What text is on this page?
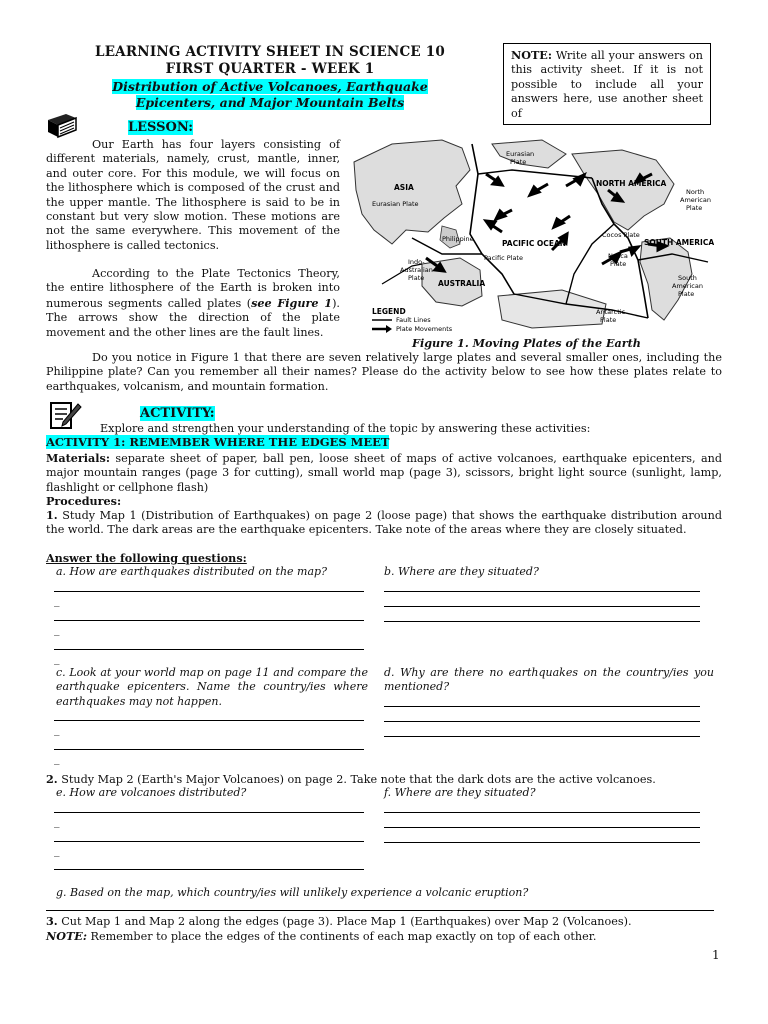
LEARNING ACTIVITY SHEET IN SCIENCE 10
FIRST QUARTER - WEEK 1
Distribution of Active Volcanoes, Earthquake
Epicenters, and Major Mountain Belts
NOTE: Write all your answers on this activity sheet. If it is not possible to include all your answers here, use another sheet of
LESSON:
Our Earth has four layers consisting of different materials, namely, crust, mantle, inner, and outer core. For this module, we will focus on the lithosphere which is composed of the crust and the upper mantle. The lithosphere is said to be in constant but very slow motion. These motions are not the same everywhere. This movement of the lithosphere is called tectonics.
According to the Plate Tectonics Theory, the entire lithosphere of the Earth is broken into numerous segments called plates (see Figure 1). The arrows show the direction of the plate movement and the other lines are the fault lines.
ASIA
Eurasian Plate
Eurasian
Plate
NORTH AMERICA
North
American
Plate
Philippine	PACIFIC OCEAN
Cocos Plate
SOUTH AMERICA
Indo-
Australian
Plate
AUSTRALIA
Pacific Plate	Nazca
Plate
South
American
Plate
Antarctic
Plate
LEGEND
Fault Lines
Plate Movements
Figure 1. Moving Plates of the Earth
Do you notice in Figure 1 that there are seven relatively large plates and several smaller ones, including the Philippine plate? Can you remember all their names? Please do the activity below to see how these plates relate to earthquakes, volcanism, and mountain formation.
ACTIVITY:
Explore and strengthen your understanding of the topic by answering these activities:
ACTIVITY 1: REMEMBER WHERE THE EDGES MEET
Materials: separate sheet of paper, ball pen, loose sheet of maps of active volcanoes, earthquake epicenters, and major mountain ranges (page 3 for cutting), small world map (page 3), scissors, bright light source (sunlight, lamp, flashlight or cellphone flash)
Procedures:
1. Study Map 1 (Distribution of Earthquakes) on page 2 (loose page) that shows the earthquake distribution around the world. The dark areas are the earthquake epicenters. Take note of the areas where they are closely situated.
Answer the following questions:
a. How are earthquakes distributed on the map?	b. Where are they situated?
_
_
_
c. Look at your world map on page 11 and compare the earthquake epicenters. Name the country/ies where earthquakes may not happen.
d. Why are there no earthquakes on the country/ies you mentioned?
_
_
2. Study Map 2 (Earth's Major Volcanoes) on page 2. Take note that the dark dots are the active volcanoes.
e. How are volcanoes distributed?	f. Where are they situated?
_
_
g. Based on the map, which country/ies will unlikely experience a volcanic eruption?
3. Cut Map 1 and Map 2 along the edges (page 3). Place Map 1 (Earthquakes) over Map 2 (Volcanoes).
NOTE: Remember to place the edges of the continents of each map exactly on top of each other.
1
